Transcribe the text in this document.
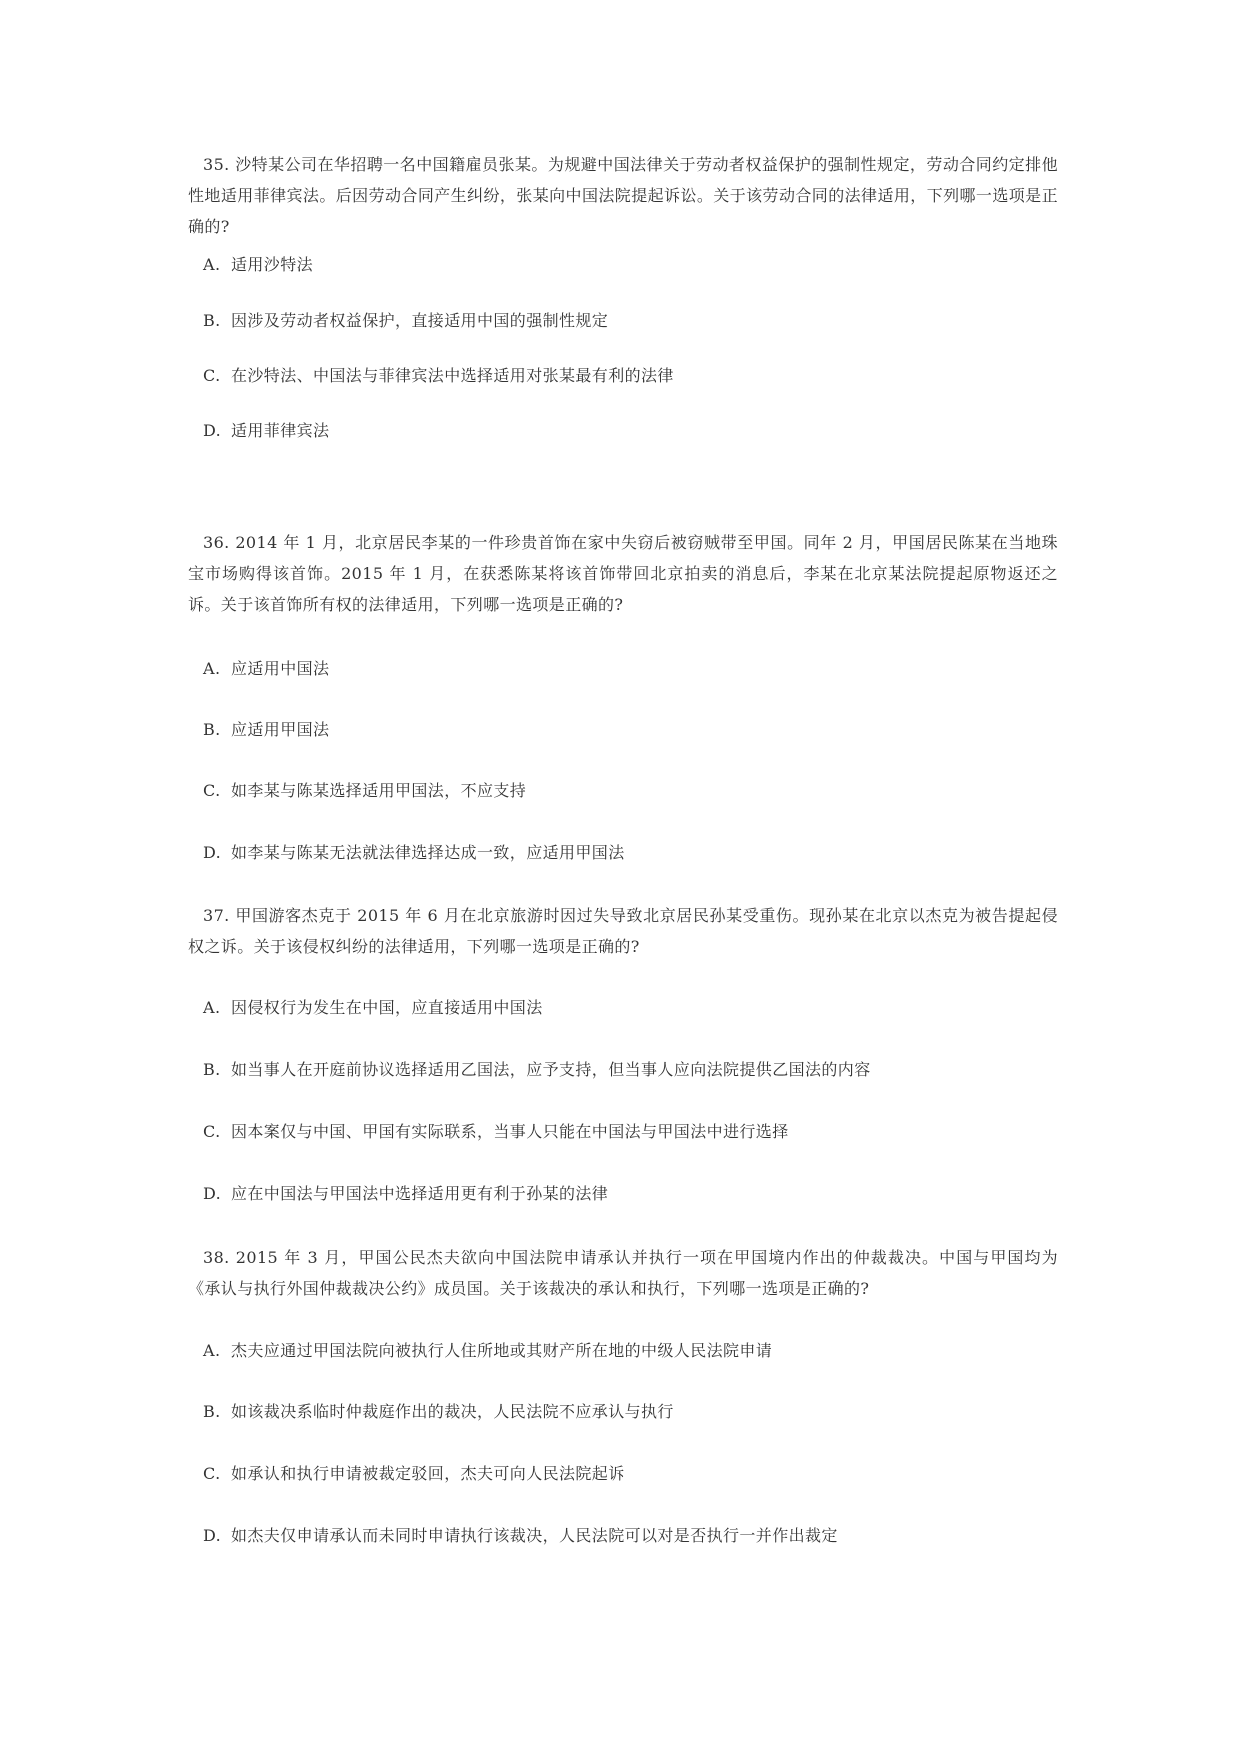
35. 沙特某公司在华招聘一名中国籍雇员张某。为规避中国法律关于劳动者权益保护的强制性规定，劳动合同约定排他性地适用菲律宾法。后因劳动合同产生纠纷，张某向中国法院提起诉讼。关于该劳动合同的法律适用，下列哪一选项是正确的?

A. 适用沙特法

B. 因涉及劳动者权益保护，直接适用中国的强制性规定

C. 在沙特法、中国法与菲律宾法中选择适用对张某最有利的法律

D. 适用菲律宾法

36. 2014 年 1 月，北京居民李某的一件珍贵首饰在家中失窃后被窃贼带至甲国。同年 2 月，甲国居民陈某在当地珠宝市场购得该首饰。2015 年 1 月，在获悉陈某将该首饰带回北京拍卖的消息后，李某在北京某法院提起原物返还之诉。关于该首饰所有权的法律适用，下列哪一选项是正确的?

A. 应适用中国法

B. 应适用甲国法

C. 如李某与陈某选择适用甲国法，不应支持

D. 如李某与陈某无法就法律选择达成一致，应适用甲国法

37. 甲国游客杰克于 2015 年 6 月在北京旅游时因过失导致北京居民孙某受重伤。现孙某在北京以杰克为被告提起侵权之诉。关于该侵权纠纷的法律适用，下列哪一选项是正确的?

A. 因侵权行为发生在中国，应直接适用中国法

B. 如当事人在开庭前协议选择适用乙国法，应予支持，但当事人应向法院提供乙国法的内容

C. 因本案仅与中国、甲国有实际联系，当事人只能在中国法与甲国法中进行选择

D. 应在中国法与甲国法中选择适用更有利于孙某的法律

38. 2015 年 3 月，甲国公民杰夫欲向中国法院申请承认并执行一项在甲国境内作出的仲裁裁决。中国与甲国均为《承认与执行外国仲裁裁决公约》成员国。关于该裁决的承认和执行，下列哪一选项是正确的?

A. 杰夫应通过甲国法院向被执行人住所地或其财产所在地的中级人民法院申请

B. 如该裁决系临时仲裁庭作出的裁决，人民法院不应承认与执行

C. 如承认和执行申请被裁定驳回，杰夫可向人民法院起诉

D. 如杰夫仅申请承认而未同时申请执行该裁决，人民法院可以对是否执行一并作出裁定
